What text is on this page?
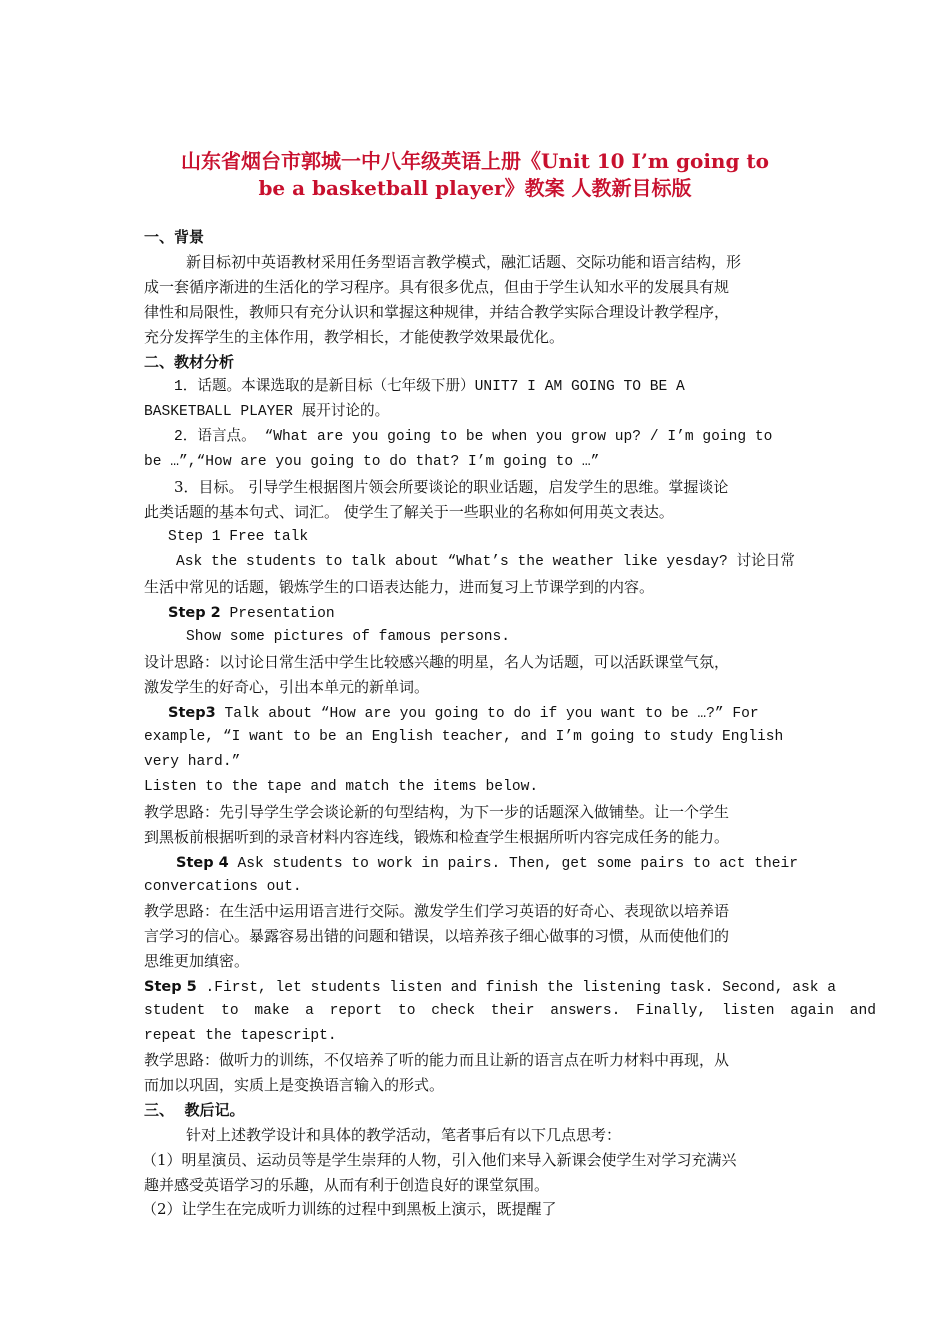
山东省烟台市郭城一中八年级英语上册《Unit 10 I’m going to
be a basketball player》教案 人教新目标版
一、背景
新目标初中英语教材采用任务型语言教学模式，融汇话题、交际功能和语言结构，形
成一套循序渐进的生活化的学习程序。具有很多优点，但由于学生认知水平的发展具有规
律性和局限性，教师只有充分认识和掌握这种规律，并结合教学实际合理设计教学程序，
充分发挥学生的主体作用，教学相长，才能使教学效果最优化。
二、教材分析
1．话题。本课选取的是新目标（七年级下册）UNIT7 I AM GOING TO BE A
BASKETBALL PLAYER 展开讨论的。
2．语言点。 “What are you going to be when you grow up? / I’m going to
be …”,“How are you going to do that? I’m going to …”
3．目标。 引导学生根据图片领会所要谈论的职业话题，启发学生的思维。掌握谈论
此类话题的基本句式、词汇。 使学生了解关于一些职业的名称如何用英文表达。
Step 1 Free talk
Ask the students to talk about “What’s the weather like yesday? 讨论日常
生活中常见的话题，锻炼学生的口语表达能力，进而复习上节课学到的内容。
Step 2 Presentation
Show some pictures of famous persons.
设计思路：以讨论日常生活中学生比较感兴趣的明星，名人为话题，可以活跃课堂气氛，
激发学生的好奇心，引出本单元的新单词。
Step3 Talk about “How are you going to do if you want to be …?” For
example, “I want to be an English teacher, and I’m going to study English
very hard.”
Listen to the tape and match the items below.
教学思路：先引导学生学会谈论新的句型结构，为下一步的话题深入做铺垫。让一个学生
到黑板前根据听到的录音材料内容连线，锻炼和检查学生根据所听内容完成任务的能力。
Step 4 Ask students to work in pairs. Then, get some pairs to act their
convercations out.
教学思路：在生活中运用语言进行交际。激发学生们学习英语的好奇心、表现欲以培养语
言学习的信心。暴露容易出错的问题和错误，以培养孩子细心做事的习惯，从而使他们的
思维更加缜密。
Step 5 .First, let students listen and finish the listening task. Second, ask a
student to make a report to check their answers. Finally, listen again and
repeat the tapescript.
教学思路：做听力的训练，不仅培养了听的能力而且让新的语言点在听力材料中再现，从
而加以巩固，实质上是变换语言输入的形式。
三、  教后记。
针对上述教学设计和具体的教学活动，笔者事后有以下几点思考：
（1）明星演员、运动员等是学生崇拜的人物，引入他们来导入新课会使学生对学习充满兴
趣并感受英语学习的乐趣，从而有利于创造良好的课堂氛围。
（2）让学生在完成听力训练的过程中到黑板上演示，既提醒了
